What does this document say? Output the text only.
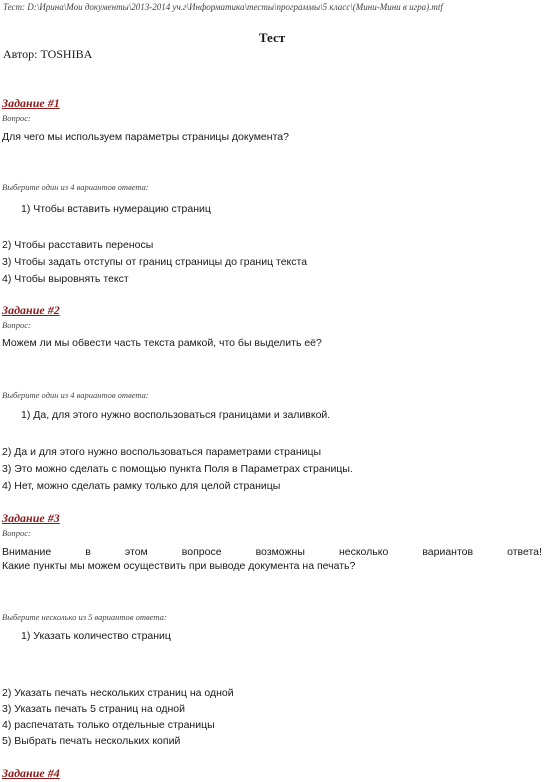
Тест: D:\Ирина\Мои документы\2013-2014 уч.г\Информатика\тесты\программы\5 класс\(Мини-Мини в игра).mtf
Тест
Автор: TOSHIBA
Задание #1
Вопрос:
Для чего мы используем параметры страницы документа?
Выберите один из 4 вариантов ответа:
1) Чтобы вставить нумерацию страниц
2) Чтобы расставить переносы
3) Чтобы задать отступы от границ страницы до границ текста
4) Чтобы выровнять текст
Задание #2
Вопрос:
Можем ли мы обвести часть текста рамкой, что бы выделить её?
Выберите один из 4 вариантов ответа:
1) Да, для этого нужно воспользоваться границами и заливкой.
2) Да и для этого нужно воспользоваться параметрами страницы
3) Это можно сделать с помощью пункта Поля в Параметрах страницы.
4) Нет, можно сделать рамку только для целой страницы
Задание #3
Вопрос:
Внимание	в	этом	вопросе	возможны	несколько	вариантов	ответа!
Какие пункты мы можем осуществить при выводе документа на печать?
Выберите несколько из 5 вариантов ответа:
1) Указать количество страниц
2) Указать печать нескольких страниц на одной
3) Указать печать 5 страниц на одной
4) распечатать только отдельные страницы
5) Выбрать печать нескольких копий
Задание #4
